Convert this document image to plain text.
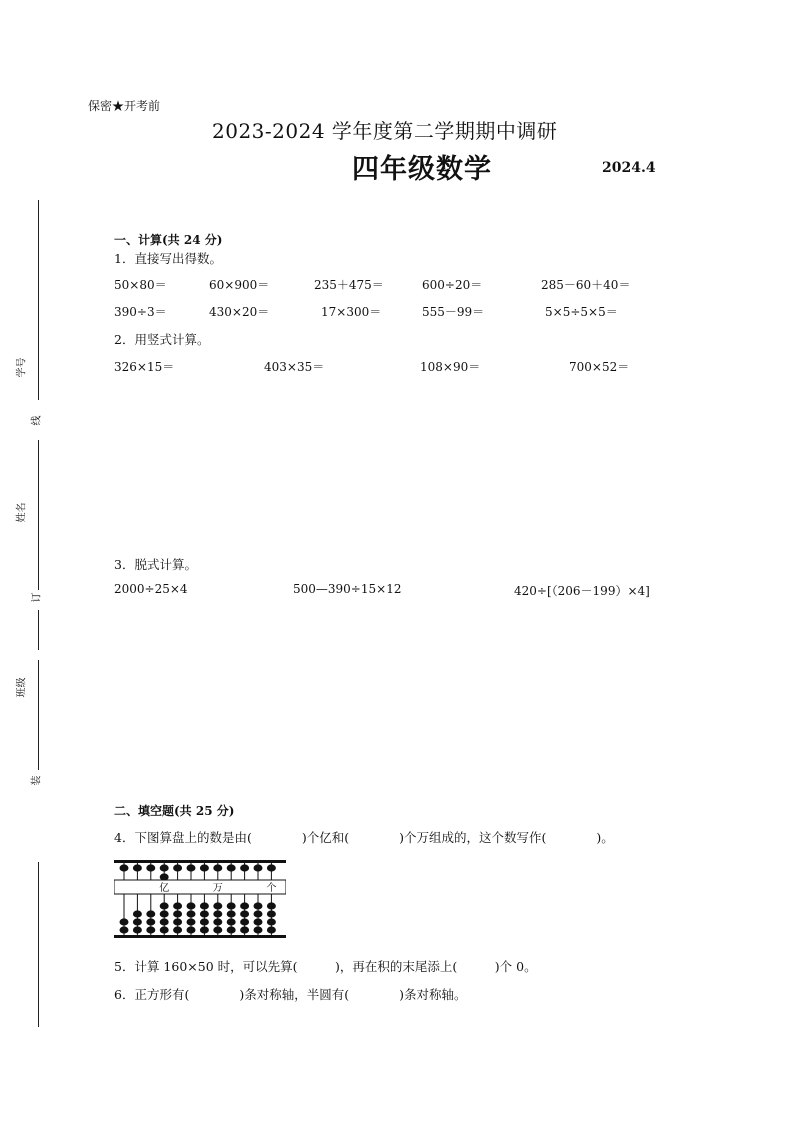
保密★开考前
2023-2024 学年度第二学期期中调研
四年级数学	2024.4
学号
姓名
班级
线
订
装
一、计算(共 24 分)
1．直接写出得数。
50×80＝	60×900＝	235＋475＝	600÷20＝	285－60＋40＝
390÷3＝	430×20＝	17×300＝	555－99＝	5×5÷5×5＝
2．用竖式计算。
326×15＝	403×35＝	108×90＝	700×52＝
3．脱式计算。
2000÷25×4	500—390÷15×12	420÷[（206－199）×4]
二、填空题(共 25 分)
4．下图算盘上的数是由(　　　　)个亿和(　　　　)个万组成的，这个数写作(　　　　)。
亿	万	个
5．计算 160×50 时，可以先算(　　　)，再在积的末尾添上(　　　)个 0。
6．正方形有(　　　　)条对称轴，半圆有(　　　　)条对称轴。
